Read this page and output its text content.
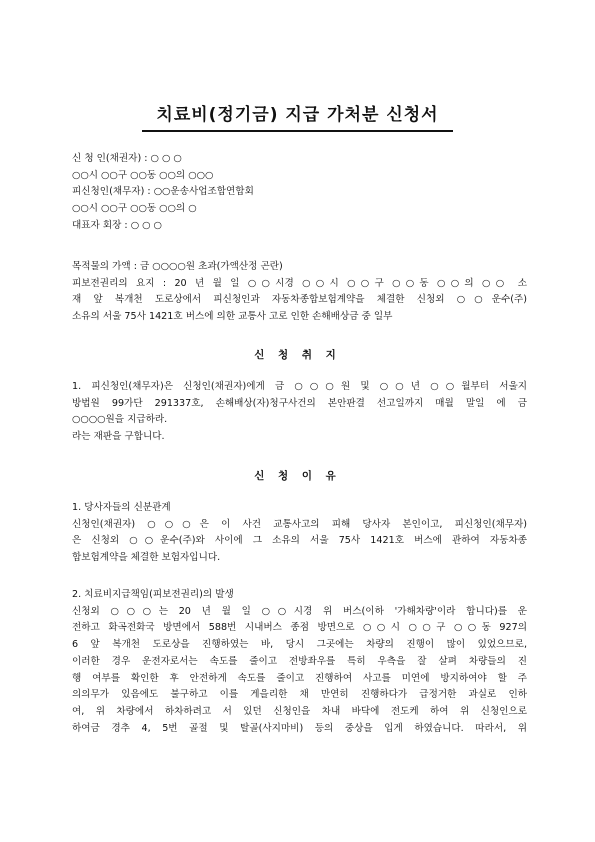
치료비(정기금) 지급 가처분 신청서
신 청 인(채권자) : ○ ○ ○
○○시 ○○구 ○○동 ○○의 ○○○
피신청인(채무자) : ○○운송사업조합연합회
○○시 ○○구 ○○동 ○○의 ○
대표자 회장 : ○ ○ ○
목적물의 가액 : 금 ○○○○원 초과(가액산정 곤란)
피보전권리의 요지 : 20 년 월 일 ○○시경 ○○시 ○○구 ○○동 ○○의 ○○ 소
재 앞 복개천 도로상에서 피신청인과 자동차종합보험계약을 체결한 신청외 ○○운수(주)
소유의 서울 75사 1421호 버스에 의한 교통사 고로 인한 손해배상금 중 일부
신 청 취 지
1. 피신청인(채무자)은 신청인(채권자)에게 금 ○○○원 및 ○○년 ○○월부터 서울지
방법원 99가단 291337호, 손해배상(자)청구사건의 본안판결 선고일까지 매월 말일 에 금
○○○○원을 지급하라.
라는 재판을 구합니다.
신 청 이 유
1. 당사자들의 신분관계
신청인(채권자) ○○○은 이 사건 교통사고의 피해 당사자 본인이고, 피신청인(채무자)
은 신청외 ○○운수(주)와 사이에 그 소유의 서울 75사 1421호 버스에 관하여 자동차종
합보험계약을 체결한 보험자입니다.
2. 치료비지급책임(피보전권리)의 발생
신청외 ○○○는 20 년 월 일 ○○시경 위 버스(이하 '가해차량'이라 합니다)를 운
전하고 화곡전화국 방면에서 588번 시내버스 종점 방면으로 ○○시 ○○구 ○○동 927의
6 앞 복개천 도로상을 진행하였는 바, 당시 그곳에는 차량의 진행이 많이 있었으므로,
이러한 경우 운전자로서는 속도를 줄이고 전방좌우를 특히 우측을 잘 살펴 차량들의 진
행 여부를 확인한 후 안전하게 속도를 줄이고 진행하여 사고를 미연에 방지하여야 할 주
의의무가 있음에도 불구하고 이를 게을리한 채 만연히 진행하다가 급정거한 과실로 인하
여, 위 차량에서 하차하려고 서 있던 신청인을 차내 바닥에 전도케 하여 위 신청인으로
하여금 경추 4, 5번 골절 및 탈골(사지마비) 등의 중상을 입게 하였습니다. 따라서, 위
